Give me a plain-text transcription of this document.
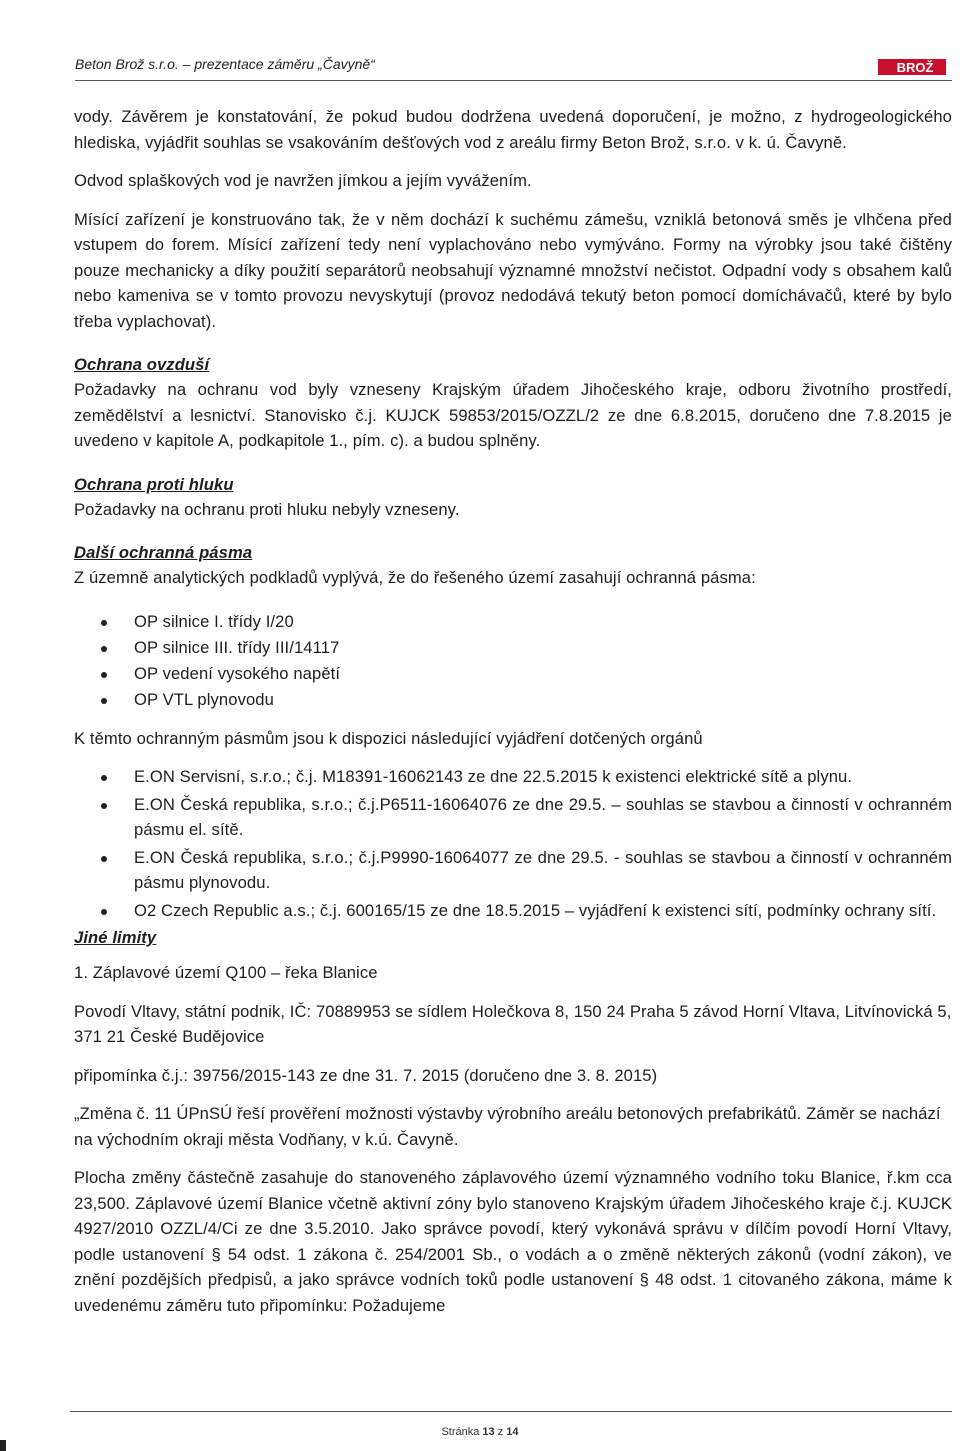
Beton Brož s.r.o. – prezentace záměru „Čavyně“	BROŽ

vody. Závěrem je konstatování, že pokud budou dodržena uvedená doporučení, je možno, z hydrogeologického hlediska, vyjádřit souhlas se vsakováním dešťových vod z areálu firmy Beton Brož, s.r.o. v k. ú. Čavyně.

Odvod splaškových vod je navržen jímkou a jejím vyvážením.

Mísící zařízení je konstruováno tak, že v něm dochází k suchému zámešu, vzniklá betonová směs je vlhčena před vstupem do forem. Mísící zařízení tedy není vyplachováno nebo vymýváno. Formy na výrobky jsou také čištěny pouze mechanicky a díky použití separátorů neobsahují významné množství nečistot. Odpadní vody s obsahem kalů nebo kameniva se v tomto provozu nevyskytují (provoz nedodává tekutý beton pomocí domíchávačů, které by bylo třeba vyplachovat).

Ochrana ovzduší

Požadavky na ochranu vod byly vzneseny Krajským úřadem Jihočeského kraje, odboru životního prostředí, zemědělství a lesnictví. Stanovisko č.j. KUJCK 59853/2015/OZZL/2 ze dne 6.8.2015, doručeno dne 7.8.2015 je uvedeno v kapitole A, podkapitole 1., pím. c). a budou splněny.

Ochrana proti hluku

Požadavky na ochranu proti hluku nebyly vzneseny.

Další ochranná pásma

Z územně analytických podkladů vyplývá, že do řešeného území zasahují ochranná pásma:

OP silnice I. třídy I/20
OP silnice III. třídy III/14117
OP vedení vysokého napětí
OP VTL plynovodu

K těmto ochranným pásmům jsou k dispozici následující vyjádření dotčených orgánů

E.ON Servisní, s.r.o.; č.j. M18391-16062143 ze dne 22.5.2015 k existenci elektrické sítě a plynu.
E.ON Česká republika, s.r.o.; č.j.P6511-16064076 ze dne 29.5. – souhlas se stavbou a činností v ochranném pásmu el. sítě.
E.ON Česká republika, s.r.o.; č.j.P9990-16064077 ze dne 29.5. - souhlas se stavbou a činností v ochranném pásmu plynovodu.
O2 Czech Republic a.s.; č.j. 600165/15 ze dne 18.5.2015 – vyjádření k existenci sítí, podmínky ochrany sítí.
Jiné limity

1. Záplavové území Q100 – řeka Blanice

Povodí Vltavy, státní podnik, IČ: 70889953 se sídlem Holečkova 8, 150 24 Praha 5 závod Horní Vltava, Litvínovická 5, 371 21 České Budějovice

připomínka č.j.: 39756/2015-143 ze dne 31. 7. 2015 (doručeno dne 3. 8. 2015)

„Změna č. 11 ÚPnSÚ řeší prověření možnosti výstavby výrobního areálu betonových prefabrikátů. Záměr se nachází na východním okraji města Vodňany, v k.ú. Čavyně.

Plocha změny částečně zasahuje do stanoveného záplavového území významného vodního toku Blanice, ř.km cca 23,500. Záplavové území Blanice včetně aktivní zóny bylo stanoveno Krajským úřadem Jihočeského kraje č.j. KUJCK 4927/2010 OZZL/4/Ci ze dne 3.5.2010. Jako správce povodí, který vykonává správu v dílčím povodí Horní Vltavy, podle ustanovení § 54 odst. 1 zákona č. 254/2001 Sb., o vodách a o změně některých zákonů (vodní zákon), ve znění pozdějších předpisů, a jako správce vodních toků podle ustanovení § 48 odst. 1 citovaného zákona, máme k uvedenému záměru tuto připomínku: Požadujeme

Stránka 13 z 14
